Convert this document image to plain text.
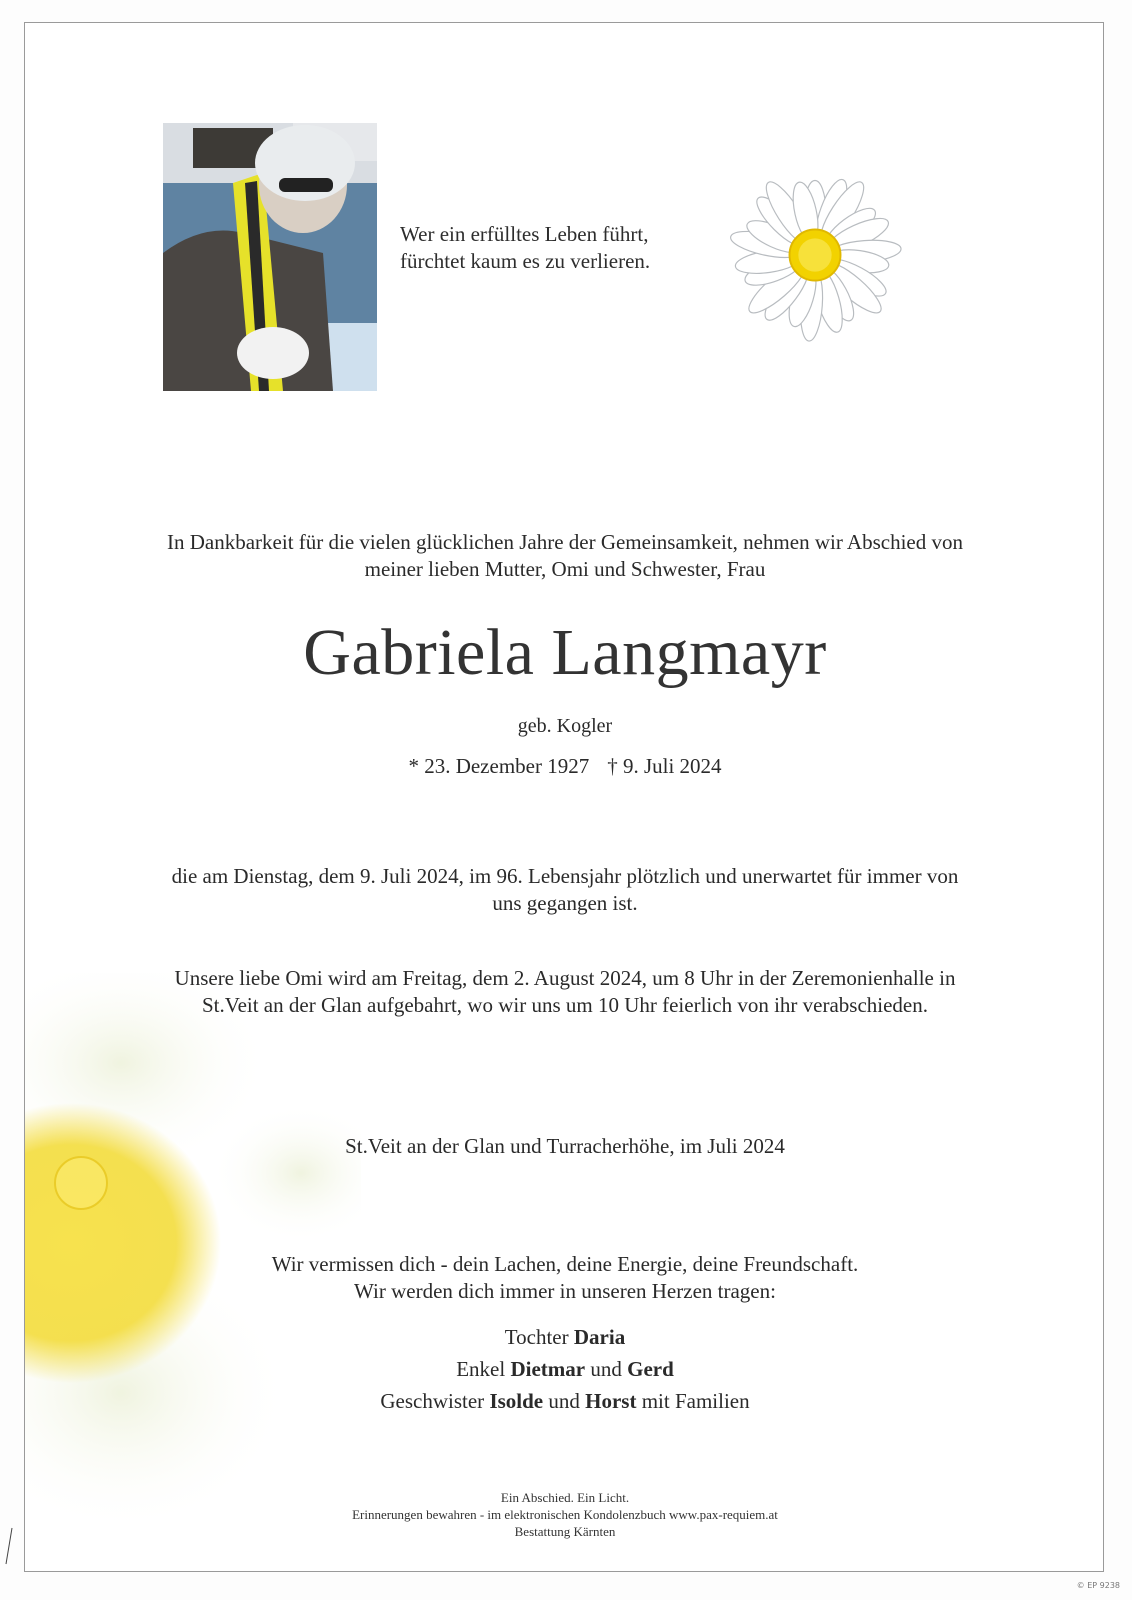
Wer ein erfülltes Leben führt,
fürchtet kaum es zu verlieren.
In Dankbarkeit für die vielen glücklichen Jahre der Gemeinsamkeit, nehmen wir Abschied von
meiner lieben Mutter, Omi und Schwester, Frau
Gabriela Langmayr
geb. Kogler
* 23. Dezember 1927 † 9. Juli 2024
die am Dienstag, dem 9. Juli 2024, im 96. Lebensjahr plötzlich und unerwartet für immer von
uns gegangen ist.
Unsere liebe Omi wird am Freitag, dem 2. August 2024, um 8 Uhr in der Zeremonienhalle in
St.Veit an der Glan aufgebahrt, wo wir uns um 10 Uhr feierlich von ihr verabschieden.
St.Veit an der Glan und Turracherhöhe, im Juli 2024
Wir vermissen dich - dein Lachen, deine Energie, deine Freundschaft.
Wir werden dich immer in unseren Herzen tragen:
Tochter Daria
Enkel Dietmar und Gerd
Geschwister Isolde und Horst mit Familien
Ein Abschied. Ein Licht.
Erinnerungen bewahren - im elektronischen Kondolenzbuch www.pax-requiem.at
Bestattung Kärnten
© EP 9238
